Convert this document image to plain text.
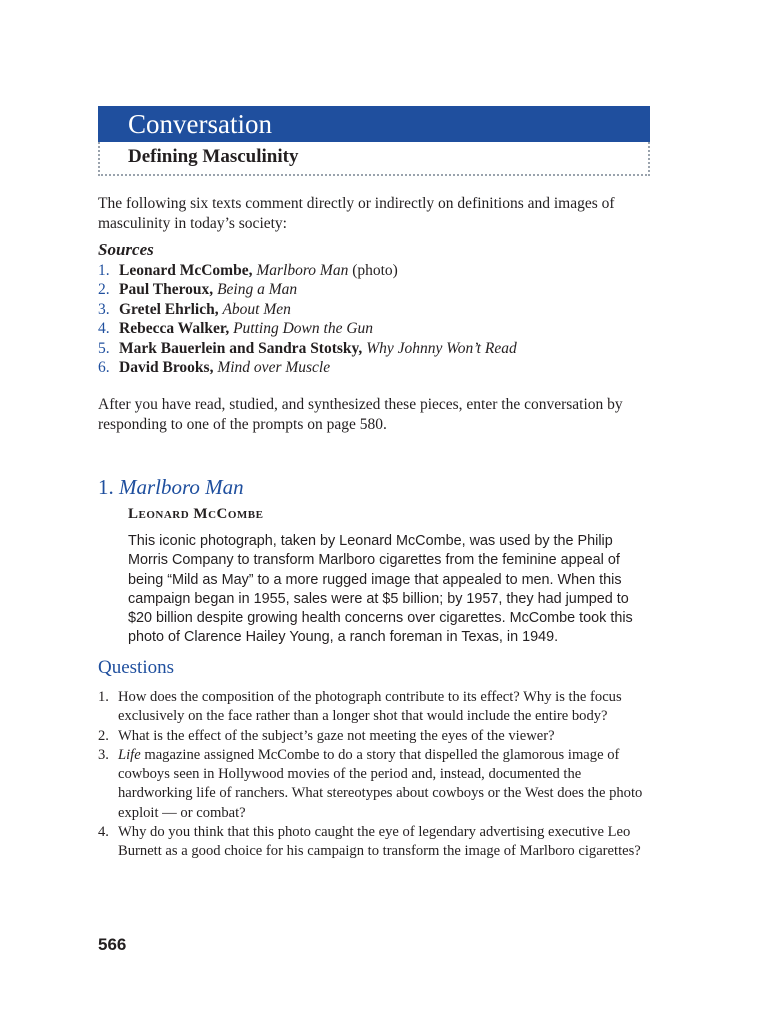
Conversation
Defining Masculinity

The following six texts comment directly or indirectly on definitions and images of masculinity in today’s society:

Sources
1. Leonard McCombe, Marlboro Man (photo)
2. Paul Theroux, Being a Man
3. Gretel Ehrlich, About Men
4. Rebecca Walker, Putting Down the Gun
5. Mark Bauerlein and Sandra Stotsky, Why Johnny Won’t Read
6. David Brooks, Mind over Muscle

After you have read, studied, and synthesized these pieces, enter the conversation by responding to one of the prompts on page 580.

1. Marlboro Man

Leonard McCombe

This iconic photograph, taken by Leonard McCombe, was used by the Philip Morris Company to transform Marlboro cigarettes from the feminine appeal of being “Mild as May” to a more rugged image that appealed to men. When this campaign began in 1955, sales were at $5 billion; by 1957, they had jumped to $20 billion despite growing health concerns over cigarettes. McCombe took this photo of Clarence Hailey Young, a ranch foreman in Texas, in 1949.

Questions
1. How does the composition of the photograph contribute to its effect? Why is the focus exclusively on the face rather than a longer shot that would include the entire body?
2. What is the effect of the subject’s gaze not meeting the eyes of the viewer?
3. Life magazine assigned McCombe to do a story that dispelled the glamorous image of cowboys seen in Hollywood movies of the period and, instead, documented the hardworking life of ranchers. What stereotypes about cowboys or the West does the photo exploit — or combat?
4. Why do you think that this photo caught the eye of legendary advertising executive Leo Burnett as a good choice for his campaign to transform the image of Marlboro cigarettes?

566
